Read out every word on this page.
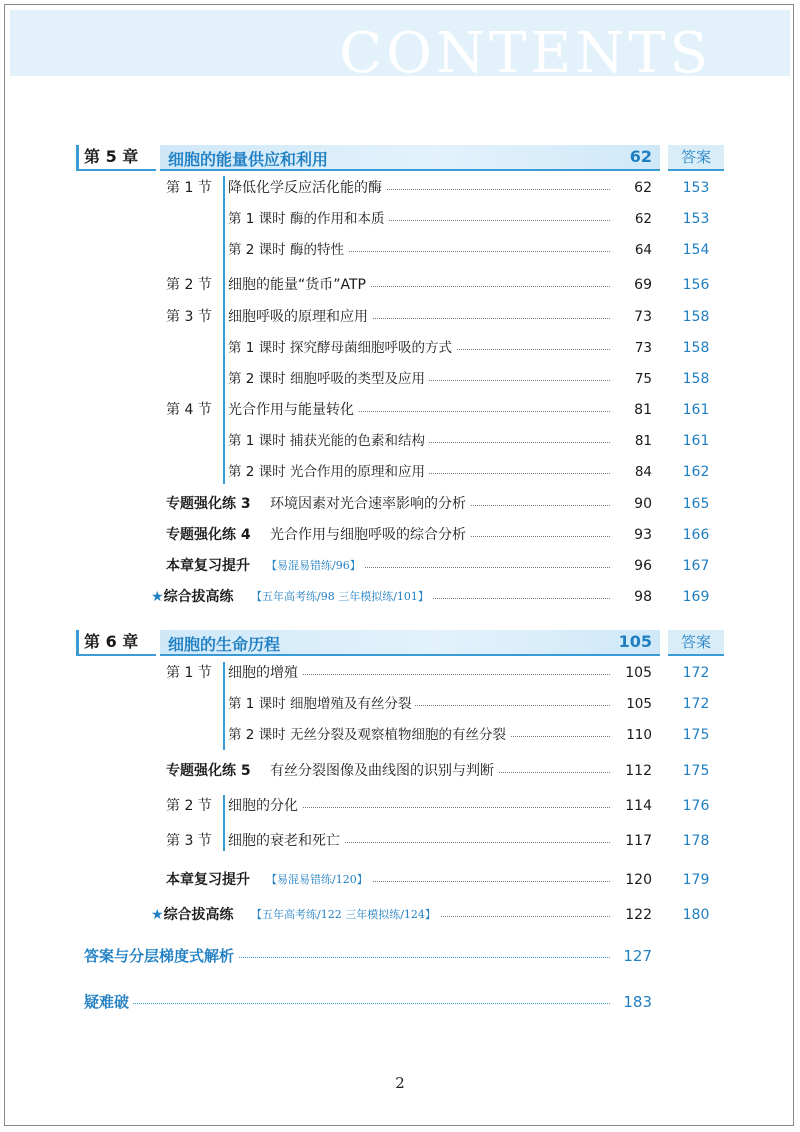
CONTENTS
第 5 章	细胞的能量供应和利用	62	答案
第 1 节 降低化学反应活化能的酶	62	153
第 1 课时 酶的作用和本质	62	153
第 2 课时 酶的特性	64	154
第 2 节 细胞的能量“货币”ATP	69	156
第 3 节 细胞呼吸的原理和应用	73	158
第 1 课时 探究酵母菌细胞呼吸的方式	73	158
第 2 课时 细胞呼吸的类型及应用	75	158
第 4 节 光合作用与能量转化	81	161
第 1 课时 捕获光能的色素和结构	81	161
第 2 课时 光合作用的原理和应用	84	162
专题强化练 3 环境因素对光合速率影响的分析	90	165
专题强化练 4 光合作用与细胞呼吸的综合分析	93	166
本章复习提升 【易混易错练/96】	96	167
★综合拔高练 【五年高考练/98 三年模拟练/101】	98	169
第 6 章	细胞的生命历程	105	答案
第 1 节 细胞的增殖	105	172
第 1 课时 细胞增殖及有丝分裂	105	172
第 2 课时 无丝分裂及观察植物细胞的有丝分裂	110	175
专题强化练 5 有丝分裂图像及曲线图的识别与判断	112	175
第 2 节 细胞的分化	114	176
第 3 节 细胞的衰老和死亡	117	178
本章复习提升 【易混易错练/120】	120	179
★综合拔高练 【五年高考练/122 三年模拟练/124】	122	180
答案与分层梯度式解析	127
疑难破	183
2
